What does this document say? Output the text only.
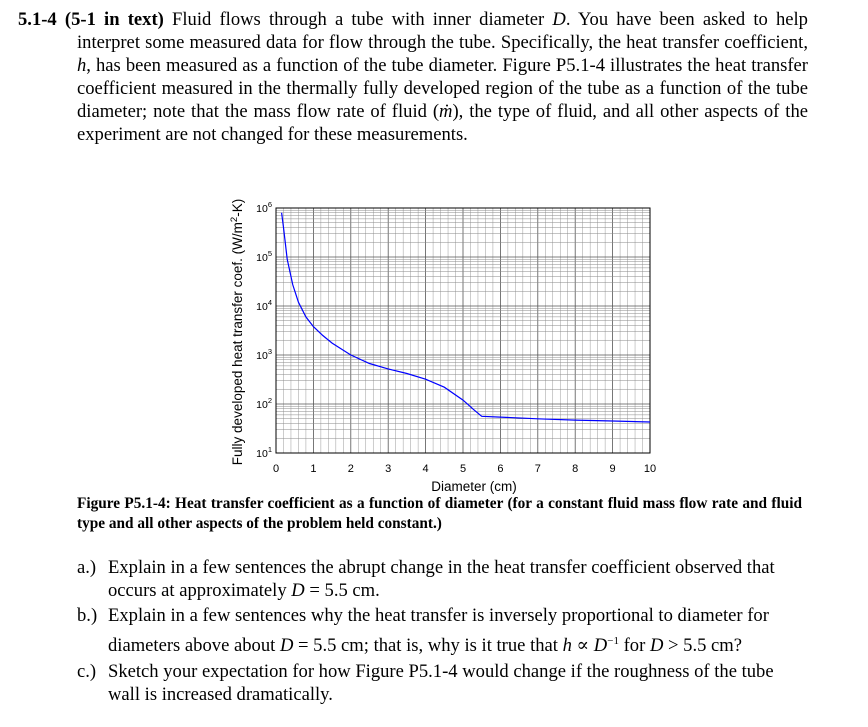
5.1-4 (5-1 in text) Fluid flows through a tube with inner diameter D. You have been asked to help interpret some measured data for flow through the tube. Specifically, the heat transfer coefficient, h, has been measured as a function of the tube diameter. Figure P5.1-4 illustrates the heat transfer coefficient measured in the thermally fully developed region of the tube as a function of the tube diameter; note that the mass flow rate of fluid (ṁ), the type of fluid, and all other aspects of the experiment are not changed for these measurements.

0	1	2	3	4	5	6	7	8	9	10
$10^6$
$10^5$
$10^4$
$10^3$
$10^2$
$10^1$
Diameter (cm)
Fully developed heat transfer coef. $(W/m^2-K)$
Figure P5.1-4: Heat transfer coefficient as a function of diameter (for a constant fluid mass flow rate and fluid type and all other aspects of the problem held constant.)
a.) Explain in a few sentences the abrupt change in the heat transfer coefficient observed that occurs at approximately D = 5.5 cm.
b.) Explain in a few sentences why the heat transfer is inversely proportional to diameter for diameters above about D = 5.5 cm; that is, why is it true that $h \propto D^{-1}$ for D > 5.5 cm?
c.) Sketch your expectation for how Figure P5.1-4 would change if the roughness of the tube wall is increased dramatically.
